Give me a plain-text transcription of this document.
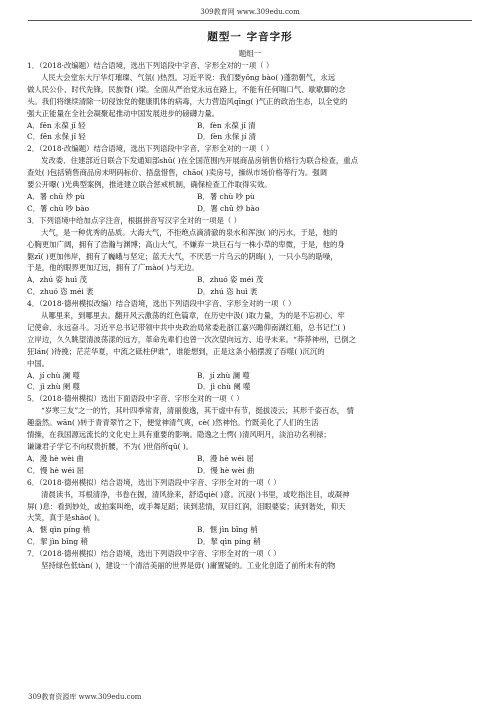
309教育网 www.309edu.com
题型一 字音字形
题组一

1．（2018·改编题）结合语境，选出下列语段中字音、字形全对的一项（ ）

人民大会堂东大厅华灯璀璨、气氛( )热烈。习近平说：我们要yǒng bào( )蓬勃朝气，永远

做人民公仆、时代先锋，民族脊( )梁。全面从严治党永远在路上，不能有任何喘口气、歇歇脚的念

头。我们将继续清除一切侵蚀党的健康肌体的病毒，大力营造风qīng( )气正的政治生态，以全党的

强大正能量在全社会凝聚起推动中国发展进步的磅礴力量。

A．fēn 永葆 jǐ 轻	B．fèn 永葆 jǐ 清
C．fēn 永保 jǐ 轻	D．fèn 永保 jí 清

2．（2018·改编题）结合语境，选出下列语段中字音、字形全对的一项（ ）

发改委、住建部近日联合下发通知部shǔ( )在全国范围内开展商品房销售价格行为联合检查，重点

查处( )包括销售商品房未明码标价、捂盘惜售，chāo( )卖房号，操纵市场价格等行为。强调

要公开曝( )光典型案例，推进建立联合惩戒机制，确保检查工作取得实效。

A．署 chǔ 炒 pù	B．署 chù 吵 pù
C．署 chù 吵 bào	D．署 chǔ 炒 bào

3．下列语境中给加点字注音，根据拼音写汉字全对的一项是（ ）

大气，是一种优秀的品质。大海大气，不拒绝点滴清澈的泉水和浑浊( )的污水，于是，他的

心胸更加广阔，拥有了浩瀚与渊博；高山大气，不嫌弃一块巨石与一株小草的卑微，于是，他的身

躯zī( )更加伟岸，拥有了巍峨与坚定；蓝天大气，不厌恶一片乌云的阴晦( )，一只小鸟的聒噪，

于是，他的眼界更加辽远，拥有了广mào( )与无边。

A．zhú 姿 huì 茂	B．zhuó 姿 méi 茂
C．zhuó 恣 méi 袤	D．zhú 恣 huì 袤

4．（2018·德州模拟改编）结合语境，选出下列语段中字音、字形全对的一项（ ）

从哪里来，到哪里去。翻开风云激荡的红色篇章，在历史中汲( )取力量，为的是不忘初心、牢

记使命、永远奋斗。习近平总书记带领中共中央政治局常委赴浙江嘉兴瞻仰南湖红船，总书记伫( )

立岸边，久久眺望清波荡漾的远方，革命先辈们也曾一次次望向远方、追寻未来。“莽莽神州，已倒之

狂lán( )待挽；茫茫华夏，中流之砥柱伊谁”，谁能想到，正是这条小船摆渡了吞噬( )沉沉的

中国。

A．jí chù 澜 噬	B．jí zhù 澜 噬
C．jì zhù 阑 噬	D．jì chù 阑 噬

5．（2018·德州模拟）选出下面语段中字音、字形全对的一项（ ）

“岁寒三友”之一的竹，其叶四季常青，清丽俊逸，其干虚中有节，挺拔凌云；其形千姿百态， 情

趣盎然。wān( )转于青青翠竹之下，便觉神清气爽，cè( )然神怡。竹既美化了人们的生活

情操，在我国源远流长的文化史上具有重要的影响。隐逸之士愕( )清风明月，淡泊功名利禄；

谦谦君子学它不向权贵折腰，不为( )世俗所qū( )。

A．漫 hè wèi 曲	B．漫 hè wéi 屈
C．慢 hè wéi 屈	D．慢 hè wèi 曲

6．（2018·德州模拟）结合语境，选出下列语段中字音、字形全对的一项（ ）

清晨读书，耳根清净，书卷在握，清风徐来，舒适qiè( )意。沉浸( )书里，或吃指注目，或凝神

屏( )息：看到妙处，或拍案叫绝，或手舞足蹈；读到悲情，双目红润，泪眼婆娑；读到谐处，仰天

大笑，真于是shāo( )。

A．惬 qìn píng 梢	B．惬 jìn bǐng 梢
C．挈 jìn bǐng 稍	D．挈 qìn píng 稍

7．（2018·德州模拟）结合语境，选出下列语段中字音、字形全对的一项（ ）

坚持绿色低tàn( )，建设一个清洁美丽的世界是毋( )庸置疑的。工业化创造了前所未有的物

309教育资源库 www.309edu.com
